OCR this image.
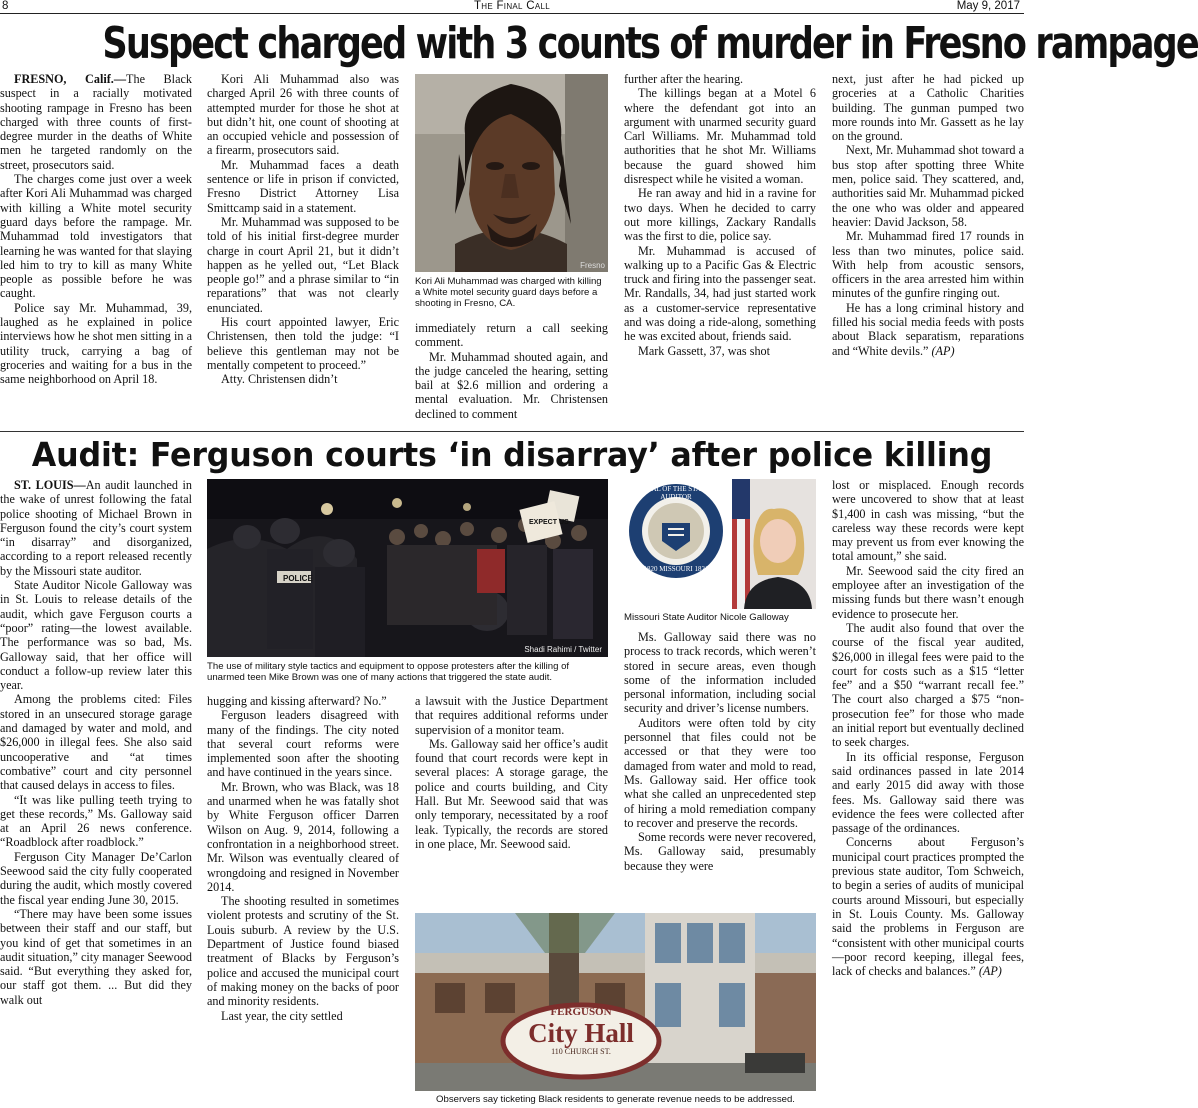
8	The Final Call	May 9, 2017
Suspect charged with 3 counts of murder in Fresno rampage

FRESNO, Calif.—The Black suspect in a racially motivated shooting rampage in Fresno has been charged with three counts of first-degree murder in the deaths of White men he targeted randomly on the street, prosecutors said.

The charges come just over a week after Kori Ali Muhammad was charged with killing a White motel security guard days before the rampage. Mr. Muhammad told investigators that learning he was wanted for that slaying led him to try to kill as many White people as possible before he was caught.

Police say Mr. Muhammad, 39, laughed as he explained in police interviews how he shot men sitting in a utility truck, carrying a bag of groceries and waiting for a bus in the same neighborhood on April 18.

Kori Ali Muhammad also was charged April 26 with three counts of attempted murder for those he shot at but didn’t hit, one count of shooting at an occupied vehicle and possession of a firearm, prosecutors said.

Mr. Muhammad faces a death sentence or life in prison if convicted, Fresno District Attorney Lisa Smittcamp said in a statement.

Mr. Muhammad was supposed to be told of his initial first-degree murder charge in court April 21, but it didn’t happen as he yelled out, “Let Black people go!” and a phrase similar to “in reparations” that was not clearly enunciated.

His court appointed lawyer, Eric Christensen, then told the judge: “I believe this gentleman may not be mentally competent to proceed.”

Atty. Christensen didn’t

Fresno
Kori Ali Muhammad was charged with killing a White motel security guard days before a shooting in Fresno, CA.

immediately return a call seeking comment.

Mr. Muhammad shouted again, and the judge canceled the hearing, setting bail at $2.6 million and ordering a mental evaluation. Mr. Christensen declined to comment

further after the hearing.

The killings began at a Motel 6 where the defendant got into an argument with unarmed security guard Carl Williams. Mr. Muhammad told authorities that he shot Mr. Williams because the guard showed him disrespect while he visited a woman.

He ran away and hid in a ravine for two days. When he decided to carry out more killings, Zackary Randalls was the first to die, police say.

Mr. Muhammad is accused of walking up to a Pacific Gas & Electric truck and firing into the passenger seat. Mr. Randalls, 34, had just started work as a customer-service representative and was doing a ride-along, something he was excited about, friends said.

Mark Gassett, 37, was shot

next, just after he had picked up groceries at a Catholic Charities building. The gunman pumped two more rounds into Mr. Gassett as he lay on the ground.

Next, Mr. Muhammad shot toward a bus stop after spotting three White men, police said. They scattered, and, authorities said Mr. Muhammad picked the one who was older and appeared heavier: David Jackson, 58.

Mr. Muhammad fired 17 rounds in less than two minutes, police said. With help from acoustic sensors, officers in the area arrested him within minutes of the gunfire ringing out.

He has a long criminal history and filled his social media feeds with posts about Black separatism, reparations and “White devils.” (AP)

Audit: Ferguson courts ‘in disarray’ after police killing

ST. LOUIS—An audit launched in the wake of unrest following the fatal police shooting of Michael Brown in Ferguson found the city’s court system “in disarray” and disorganized, according to a report released recently by the Missouri state auditor.

State Auditor Nicole Galloway was in St. Louis to release details of the audit, which gave Ferguson courts a “poor” rating—the lowest available. The performance was so bad, Ms. Galloway said, that her office will conduct a follow-up review later this year.

Among the problems cited: Files stored in an unsecured storage garage and damaged by water and mold, and $26,000 in illegal fees. She also said uncooperative and “at times combative” court and city personnel that caused delays in access to files.

“It was like pulling teeth trying to get these records,” Ms. Galloway said at an April 26 news conference. “Roadblock after roadblock.”

Ferguson City Manager De’Carlon Seewood said the city fully cooperated during the audit, which mostly covered the fiscal year ending June 30, 2015.

“There may have been some issues between their staff and our staff, but you kind of get that sometimes in an audit situation,” city manager Seewood said. “But everything they asked for, our staff got them. ... But did they walk out

POLICE
EXPECT US
Shadi Rahimi / Twitter
The use of military style tactics and equipment to oppose protesters after the killing of unarmed teen Mike Brown was one of many actions that triggered the state audit.

hugging and kissing afterward? No.”

Ferguson leaders disagreed with many of the findings. The city noted that several court reforms were implemented soon after the shooting and have continued in the years since.

Mr. Brown, who was Black, was 18 and unarmed when he was fatally shot by White Ferguson officer Darren Wilson on Aug. 9, 2014, following a confrontation in a neighborhood street. Mr. Wilson was eventually cleared of wrongdoing and resigned in November 2014.

The shooting resulted in sometimes violent protests and scrutiny of the St. Louis suburb. A review by the U.S. Department of Justice found biased treatment of Blacks by Ferguson’s police and accused the municipal court of making money on the backs of poor and minority residents.

Last year, the city settled

a lawsuit with the Justice Department that requires additional reforms under supervision of a monitor team.

Ms. Galloway said her office’s audit found that court records were kept in several places: A storage garage, the police and courts building, and City Hall. But Mr. Seewood said that was only temporary, necessitated by a roof leak. Typically, the records are stored in one place, Mr. Seewood said.

SEAL OF THE STATE AUDITOR
1820 MISSOURI 1821
Missouri State Auditor Nicole Galloway

Ms. Galloway said there was no process to track records, which weren’t stored in secure areas, even though some of the information included personal information, including social security and driver’s license numbers.

Auditors were often told by city personnel that files could not be accessed or that they were too damaged from water and mold to read, Ms. Galloway said. Her office took what she called an unprecedented step of hiring a mold remediation company to recover and preserve the records.

Some records were never recovered, Ms. Galloway said, presumably because they were

FERGUSON
City Hall
110 CHURCH ST.
Observers say ticketing Black residents to generate revenue needs to be addressed.

lost or misplaced. Enough records were uncovered to show that at least $1,400 in cash was missing, “but the careless way these records were kept may prevent us from ever knowing the total amount,” she said.

Mr. Seewood said the city fired an employee after an investigation of the missing funds but there wasn’t enough evidence to prosecute her.

The audit also found that over the course of the fiscal year audited, $26,000 in illegal fees were paid to the court for costs such as a $15 “letter fee” and a $50 “warrant recall fee.” The court also charged a $75 “non-prosecution fee” for those who made an initial report but eventually declined to seek charges.

In its official response, Ferguson said ordinances passed in late 2014 and early 2015 did away with those fees. Ms. Galloway said there was evidence the fees were collected after passage of the ordinances.

Concerns about Ferguson’s municipal court practices prompted the previous state auditor, Tom Schweich, to begin a series of audits of municipal courts around Missouri, but especially in St. Louis County. Ms. Galloway said the problems in Ferguson are “consistent with other municipal courts—poor record keeping, illegal fees, lack of checks and balances.” (AP)
